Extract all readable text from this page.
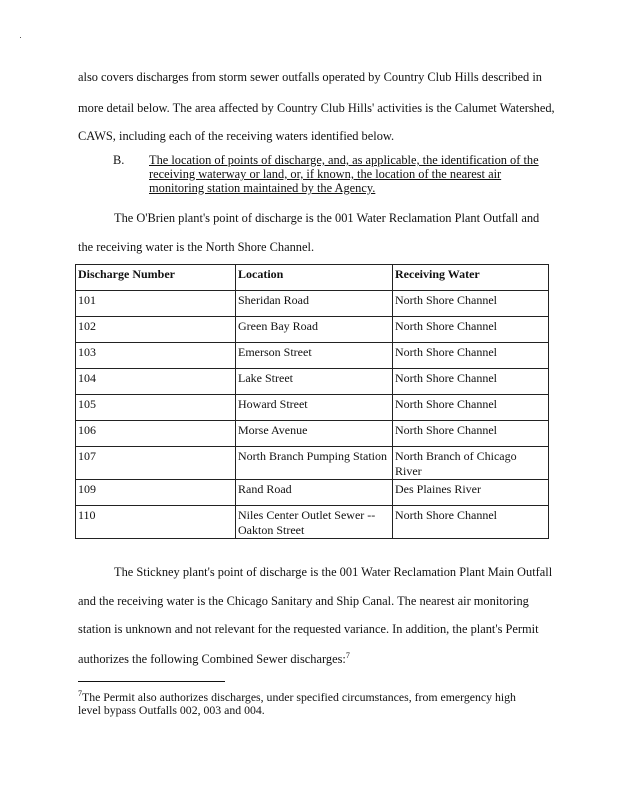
also covers discharges from storm sewer outfalls operated by Country Club Hills described in
more detail below. The area affected by Country Club Hills' activities is the Calumet Watershed,
CAWS, including each of the receiving waters identified below.
B. The location of points of discharge, and, as applicable, the identification of the
receiving waterway or land, or, if known, the location of the nearest air
monitoring station maintained by the Agency.
The O'Brien plant's point of discharge is the 001 Water Reclamation Plant Outfall and
the receiving water is the North Shore Channel.
Discharge Number	Location	Receiving Water
101	Sheridan Road	North Shore Channel
102	Green Bay Road	North Shore Channel
103	Emerson Street	North Shore Channel
104	Lake Street	North Shore Channel
105	Howard Street	North Shore Channel
106	Morse Avenue	North Shore Channel
107	North Branch Pumping Station	North Branch of Chicago River
109	Rand Road	Des Plaines River
110	Niles Center Outlet Sewer -- Oakton Street	North Shore Channel
The Stickney plant's point of discharge is the 001 Water Reclamation Plant Main Outfall
and the receiving water is the Chicago Sanitary and Ship Canal. The nearest air monitoring
station is unknown and not relevant for the requested variance. In addition, the plant's Permit
authorizes the following Combined Sewer discharges:$^7$
$^7$The Permit also authorizes discharges, under specified circumstances, from emergency high
level bypass Outfalls 002, 003 and 004.
